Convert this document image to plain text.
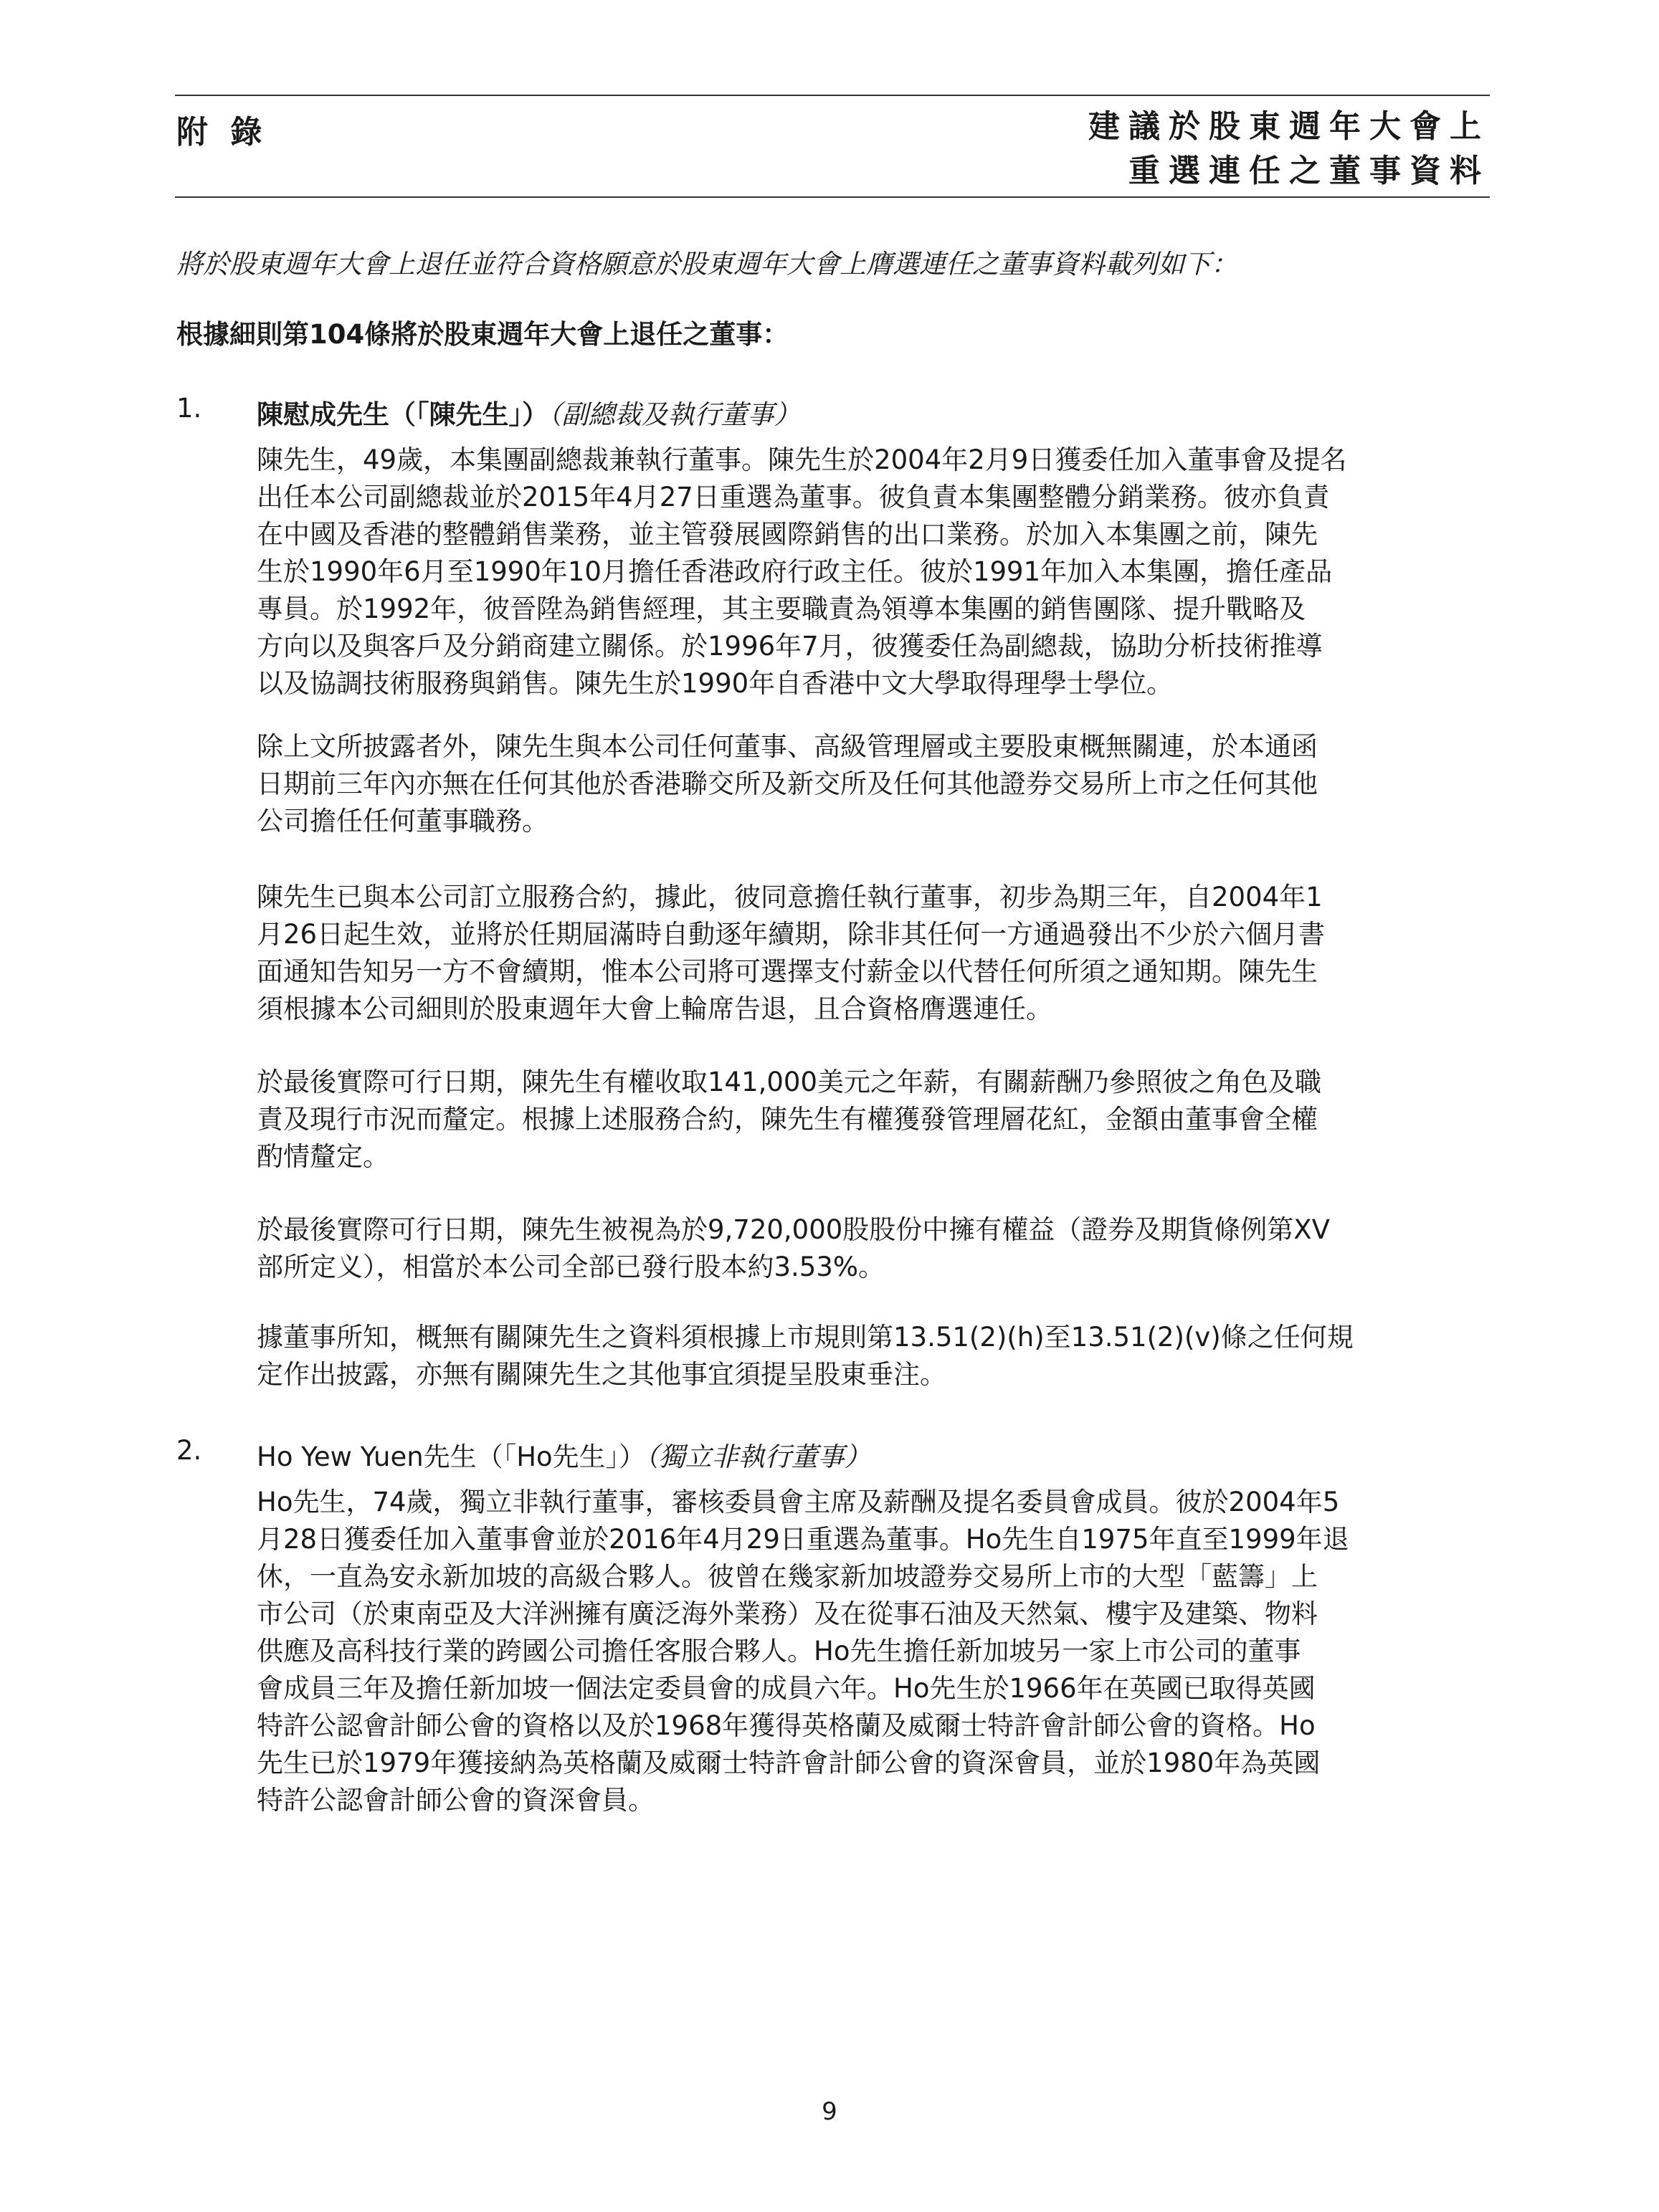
附 錄	建議於股東週年大會上
重選連任之董事資料
將於股東週年大會上退任並符合資格願意於股東週年大會上膺選連任之董事資料載列如下：
根據細則第104條將於股東週年大會上退任之董事：
1. 陳慰成先生（「陳先生」）（副總裁及執行董事）
陳先生，49歲，本集團副總裁兼執行董事。陳先生於2004年2月9日獲委任加入董事會及提名
出任本公司副總裁並於2015年4月27日重選為董事。彼負責本集團整體分銷業務。彼亦負責
在中國及香港的整體銷售業務，並主管發展國際銷售的出口業務。於加入本集團之前，陳先
生於1990年6月至1990年10月擔任香港政府行政主任。彼於1991年加入本集團，擔任產品
專員。於1992年，彼晉陞為銷售經理，其主要職責為領導本集團的銷售團隊、提升戰略及
方向以及與客戶及分銷商建立關係。於1996年7月，彼獲委任為副總裁，協助分析技術推導
以及協調技術服務與銷售。陳先生於1990年自香港中文大學取得理學士學位。
除上文所披露者外，陳先生與本公司任何董事、高級管理層或主要股東概無關連，於本通函
日期前三年內亦無在任何其他於香港聯交所及新交所及任何其他證券交易所上市之任何其他
公司擔任任何董事職務。
陳先生已與本公司訂立服務合約，據此，彼同意擔任執行董事，初步為期三年，自2004年1
月26日起生效，並將於任期屆滿時自動逐年續期，除非其任何一方通過發出不少於六個月書
面通知告知另一方不會續期，惟本公司將可選擇支付薪金以代替任何所須之通知期。陳先生
須根據本公司細則於股東週年大會上輪席告退，且合資格膺選連任。
於最後實際可行日期，陳先生有權收取141,000美元之年薪，有關薪酬乃參照彼之角色及職
責及現行市況而釐定。根據上述服務合約，陳先生有權獲發管理層花紅，金額由董事會全權
酌情釐定。
於最後實際可行日期，陳先生被視為於9,720,000股股份中擁有權益（證券及期貨條例第XV
部所定义），相當於本公司全部已發行股本約3.53%。
據董事所知，概無有關陳先生之資料須根據上市規則第13.51(2)(h)至13.51(2)(v)條之任何規
定作出披露，亦無有關陳先生之其他事宜須提呈股東垂注。
2. Ho Yew Yuen先生（「Ho先生」）（獨立非執行董事）
Ho先生，74歲，獨立非執行董事，審核委員會主席及薪酬及提名委員會成員。彼於2004年5
月28日獲委任加入董事會並於2016年4月29日重選為董事。Ho先生自1975年直至1999年退
休，一直為安永新加坡的高級合夥人。彼曾在幾家新加坡證券交易所上市的大型「藍籌」上
市公司（於東南亞及大洋洲擁有廣泛海外業務）及在從事石油及天然氣、樓宇及建築、物料
供應及高科技行業的跨國公司擔任客服合夥人。Ho先生擔任新加坡另一家上市公司的董事
會成員三年及擔任新加坡一個法定委員會的成員六年。Ho先生於1966年在英國已取得英國
特許公認會計師公會的資格以及於1968年獲得英格蘭及威爾士特許會計師公會的資格。Ho
先生已於1979年獲接納為英格蘭及威爾士特許會計師公會的資深會員，並於1980年為英國
特許公認會計師公會的資深會員。
9
